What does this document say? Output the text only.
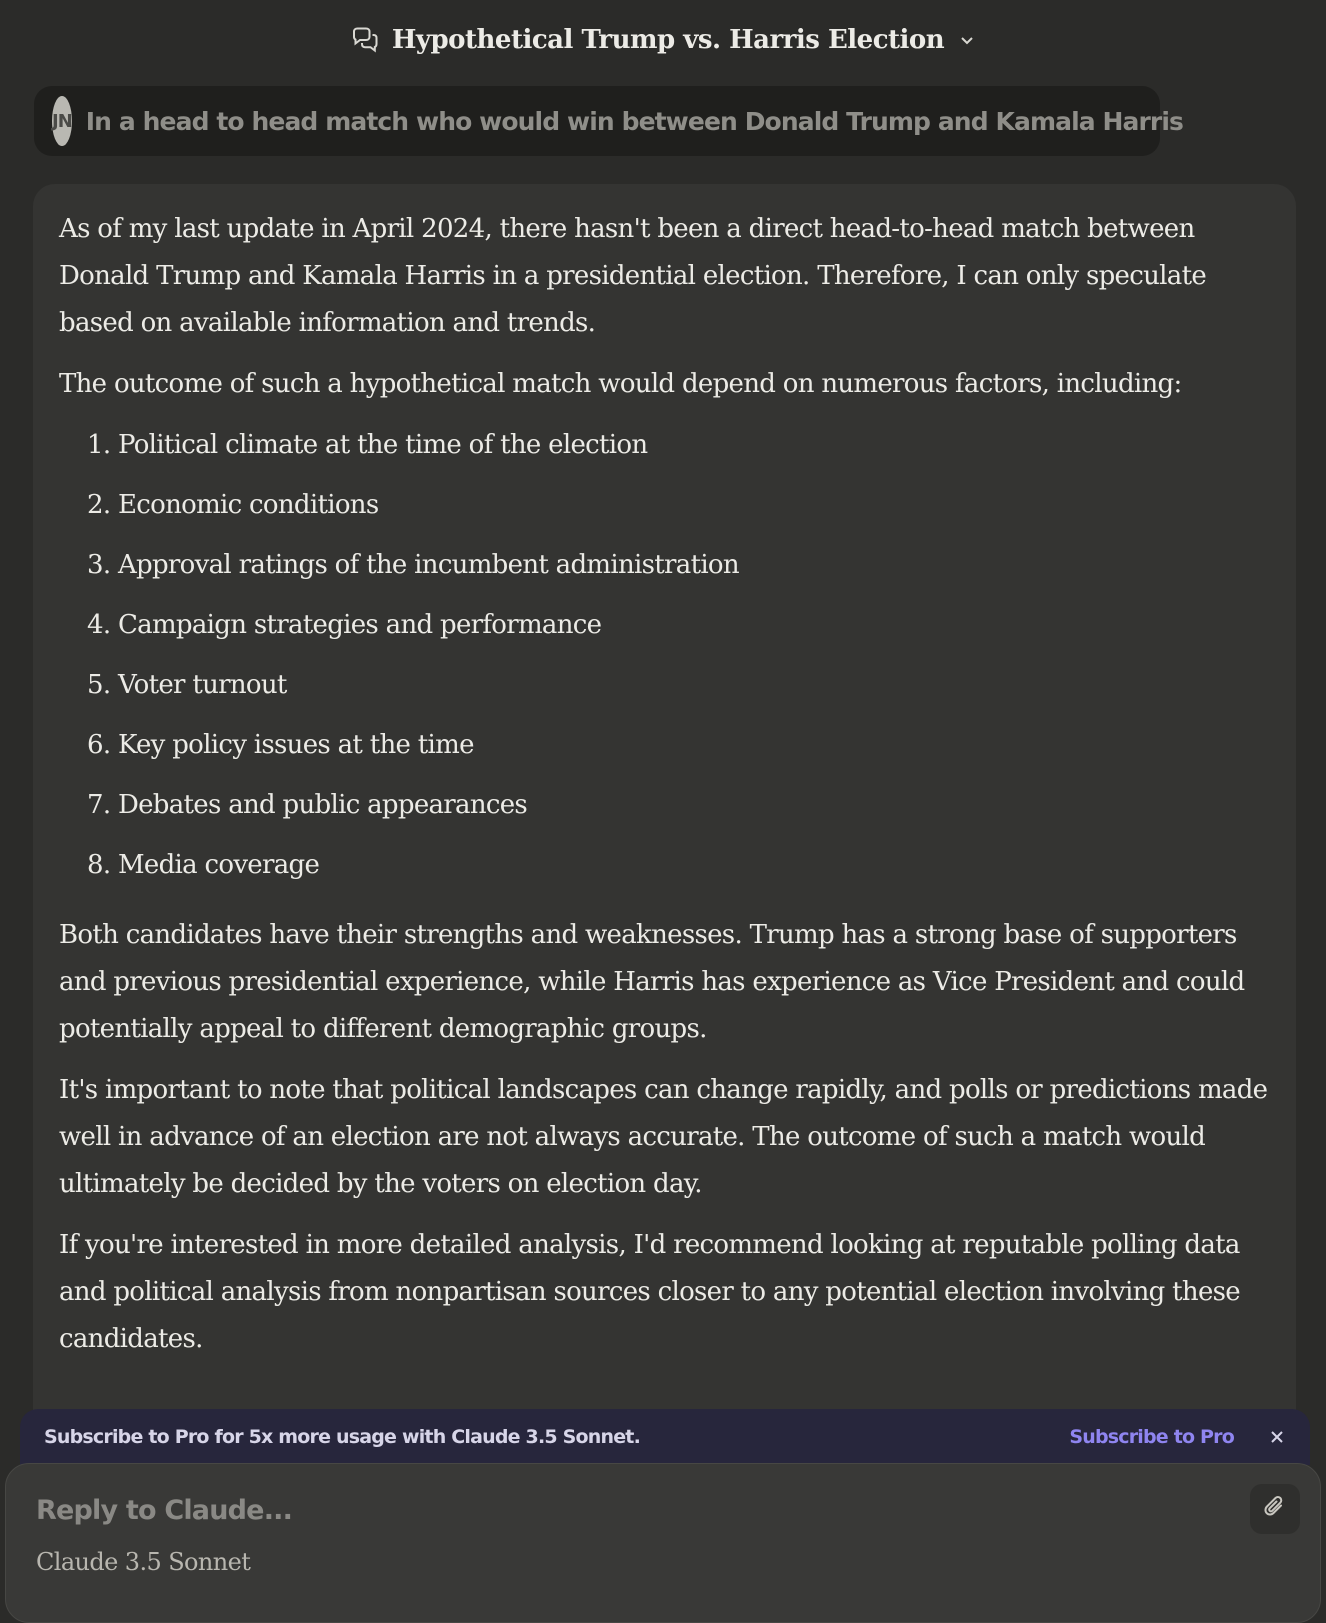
Hypothetical Trump vs. Harris Election
JN In a head to head match who would win between Donald Trump and Kamala Harris

As of my last update in April 2024, there hasn't been a direct head-to-head match between Donald Trump and Kamala Harris in a presidential election. Therefore, I can only speculate based on available information and trends.

The outcome of such a hypothetical match would depend on numerous factors, including:

1. Political climate at the time of the election
2. Economic conditions
3. Approval ratings of the incumbent administration
4. Campaign strategies and performance
5. Voter turnout
6. Key policy issues at the time
7. Debates and public appearances
8. Media coverage

Both candidates have their strengths and weaknesses. Trump has a strong base of supporters and previous presidential experience, while Harris has experience as Vice President and could potentially appeal to different demographic groups.

It's important to note that political landscapes can change rapidly, and polls or predictions made well in advance of an election are not always accurate. The outcome of such a match would ultimately be decided by the voters on election day.

If you're interested in more detailed analysis, I'd recommend looking at reputable polling data and political analysis from nonpartisan sources closer to any potential election involving these candidates.

Subscribe to Pro for 5x more usage with Claude 3.5 Sonnet.	Subscribe to Pro
Reply to Claude...
Claude 3.5 Sonnet
